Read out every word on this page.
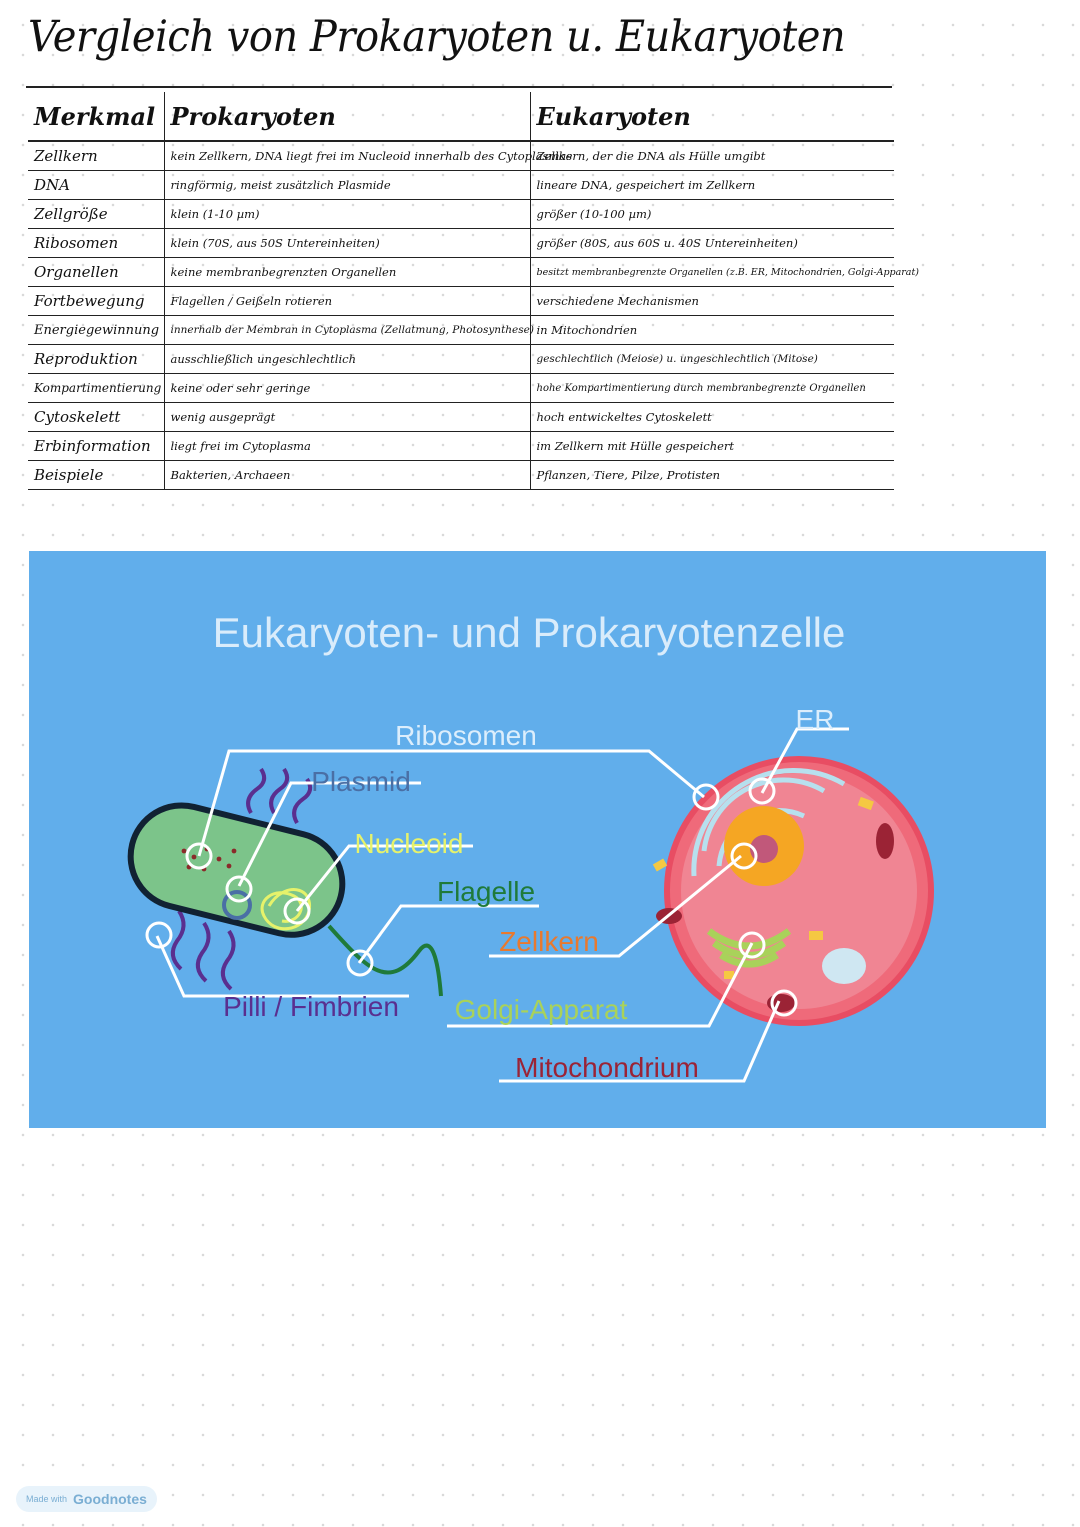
Vergleich von Prokaryoten u. Eukaryoten
Merkmal	Prokaryoten	Eukaryoten
Zellkern	kein Zellkern, DNA liegt frei im Nucleoid innerhalb des Cytoplasmas	Zellkern, der die DNA als Hülle umgibt
DNA	ringförmig, meist zusätzlich Plasmide	lineare DNA, gespeichert im Zellkern
Zellgröße	klein (1-10 µm)	größer (10-100 µm)
Ribosomen	klein (70S, aus 50S Untereinheiten)	größer (80S, aus 60S u. 40S Untereinheiten)
Organellen	keine membranbegrenzten Organellen	besitzt membranbegrenzte Organellen (z.B. ER, Mitochondrien, Golgi-Apparat)
Fortbewegung	Flagellen / Geißeln rotieren	verschiedene Mechanismen
Energiegewinnung	innerhalb der Membran in Cytoplasma (Zellatmung, Photosynthese)	in Mitochondrien
Reproduktion	ausschließlich ungeschlechtlich	geschlechtlich (Meiose) u. ungeschlechtlich (Mitose)
Kompartimentierung	keine oder sehr geringe	hohe Kompartimentierung durch membranbegrenzte Organellen
Cytoskelett	wenig ausgeprägt	hoch entwickeltes Cytoskelett
Erbinformation	liegt frei im Cytoplasma	im Zellkern mit Hülle gespeichert
Beispiele	Bakterien, Archaeen	Pflanzen, Tiere, Pilze, Protisten
Eukaryoten- und Prokaryotenzelle
Ribosomen
ER
Plasmid
Nucleoid
Flagelle
Zellkern
Pilli / Fimbrien Golgi-Apparat
Mitochondrium
Made with Goodnotes
